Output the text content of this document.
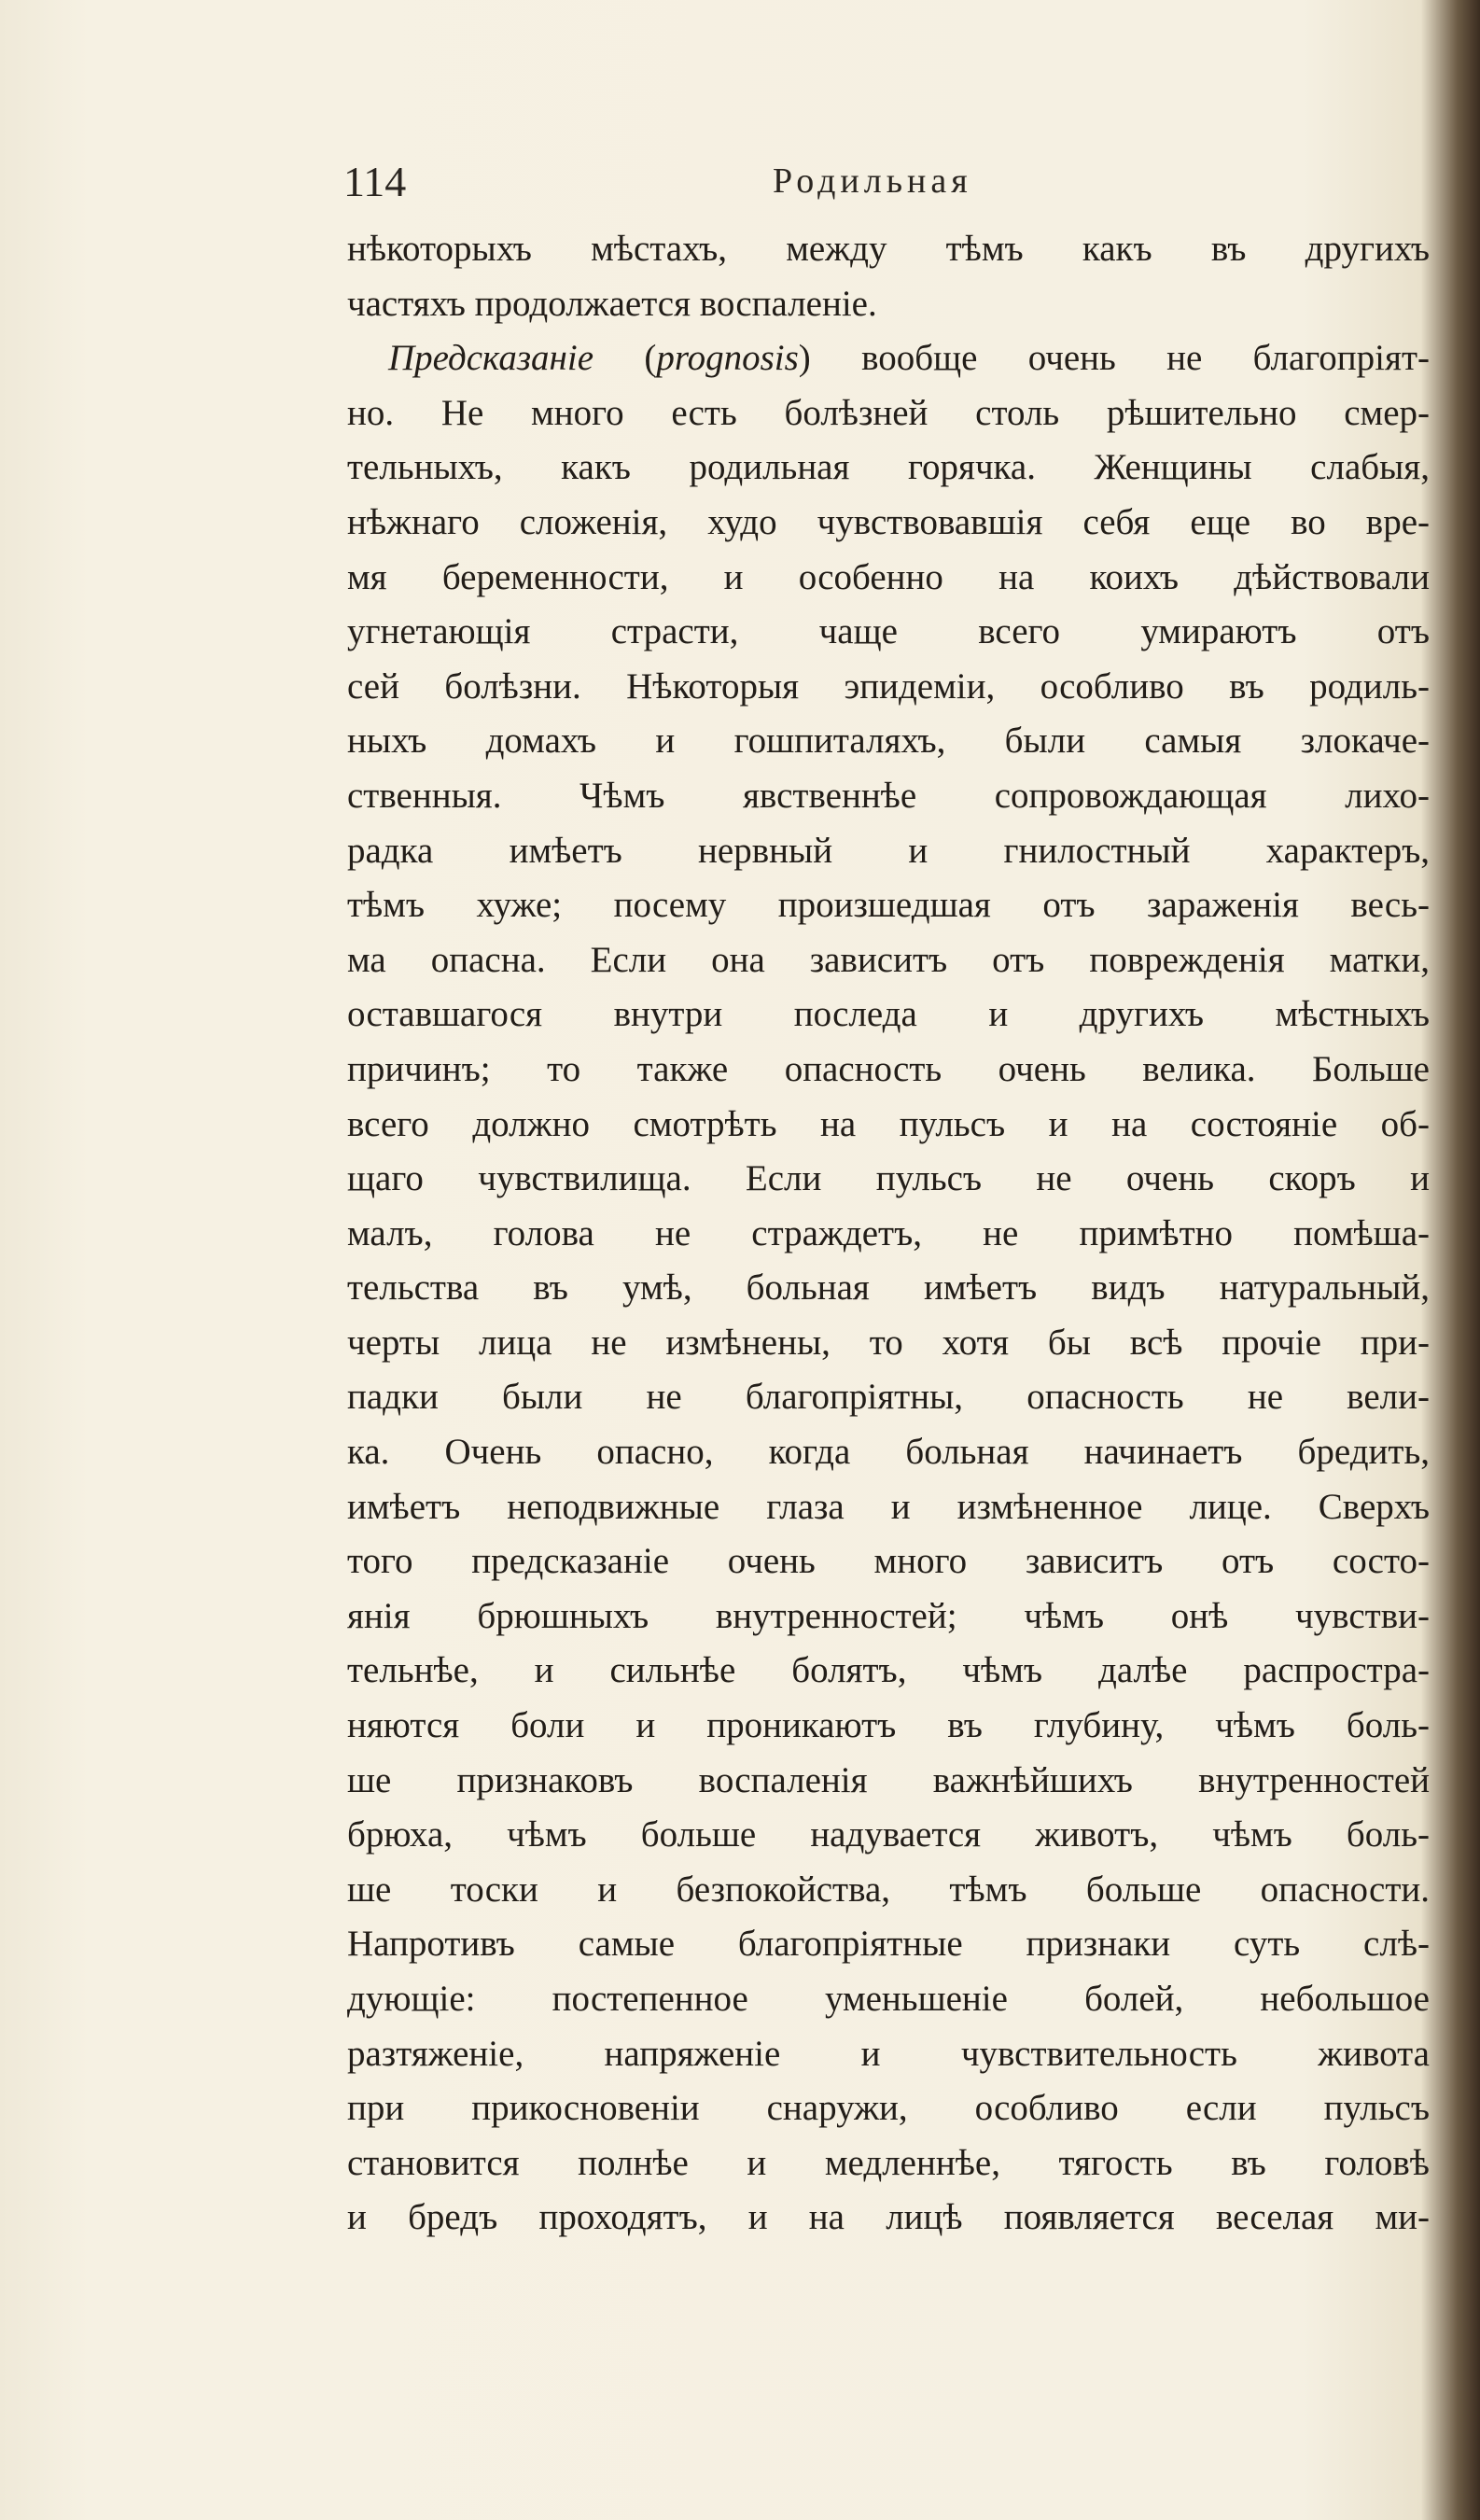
114	Родильная
нѣкоторыхъ мѣстахъ, между тѣмъ какъ въ другихъ
частяхъ продолжается воспаленіе.
Предсказаніе (prognosis) вообще очень не благопріят-
но. Не много есть болѣзней столь рѣшительно смер-
тельныхъ, какъ родильная горячка. Женщины слабыя,
нѣжнаго сложенія, худо чувствовавшія себя еще во вре-
мя беременности, и особенно на коихъ дѣйствовали
угнетающія страсти, чаще всего умираютъ отъ
сей болѣзни. Нѣкоторыя эпидеміи, особливо въ родиль-
ныхъ домахъ и гошпиталяхъ, были самыя злокаче-
ственныя. Чѣмъ явственнѣе сопровождающая лихо-
радка имѣетъ нервный и гнилостный характеръ,
тѣмъ хуже; посему произшедшая отъ зараженія весь-
ма опасна. Если она зависитъ отъ поврежденія матки,
оставшагося внутри последа и другихъ мѣстныхъ
причинъ; то также опасность очень велика. Больше
всего должно смотрѣть на пульсъ и на состояніе об-
щаго чувствилища. Если пульсъ не очень скоръ и
малъ, голова не страждетъ, не примѣтно помѣша-
тельства въ умѣ, больная имѣетъ видъ натуральный,
черты лица не измѣнены, то хотя бы всѣ прочіе при-
падки были не благопріятны, опасность не вели-
ка. Очень опасно, когда больная начинаетъ бредить,
имѣетъ неподвижные глаза и измѣненное лице. Сверхъ
того предсказаніе очень много зависитъ отъ состо-
янія брюшныхъ внутренностей; чѣмъ онѣ чувстви-
тельнѣе, и сильнѣе болятъ, чѣмъ далѣе распростра-
няются боли и проникаютъ въ глубину, чѣмъ боль-
ше признаковъ воспаленія важнѣйшихъ внутренностей
брюха, чѣмъ больше надувается животъ, чѣмъ боль-
ше тоски и безпокойства, тѣмъ больше опасности.
Напротивъ самые благопріятные признаки суть слѣ-
дующіе: постепенное уменьшеніе болей, небольшое
разтяженіе, напряженіе и чувствительность живота
при прикосновеніи снаружи, особливо если пульсъ
становится полнѣе и медленнѣе, тягость въ головѣ
и бредъ проходятъ, и на лицѣ появляется веселая ми-
